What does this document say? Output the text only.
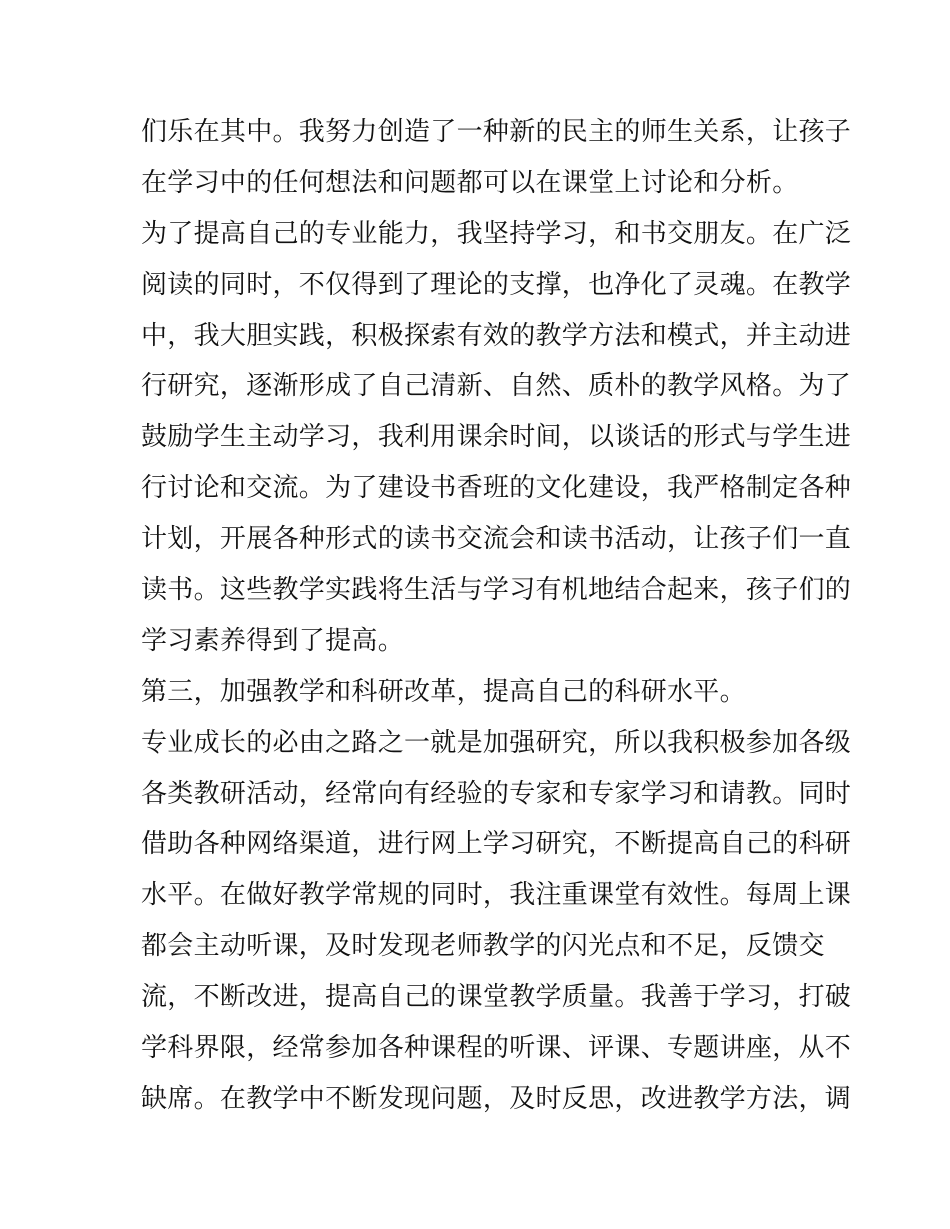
们乐在其中。我努力创造了一种新的民主的师生关系，让孩子
在学习中的任何想法和问题都可以在课堂上讨论和分析。
为了提高自己的专业能力，我坚持学习，和书交朋友。在广泛
阅读的同时，不仅得到了理论的支撑，也净化了灵魂。在教学
中，我大胆实践，积极探索有效的教学方法和模式，并主动进
行研究，逐渐形成了自己清新、自然、质朴的教学风格。为了
鼓励学生主动学习，我利用课余时间，以谈话的形式与学生进
行讨论和交流。为了建设书香班的文化建设，我严格制定各种
计划，开展各种形式的读书交流会和读书活动，让孩子们一直
读书。这些教学实践将生活与学习有机地结合起来，孩子们的
学习素养得到了提高。
第三，加强教学和科研改革，提高自己的科研水平。
专业成长的必由之路之一就是加强研究，所以我积极参加各级
各类教研活动，经常向有经验的专家和专家学习和请教。同时
借助各种网络渠道，进行网上学习研究，不断提高自己的科研
水平。在做好教学常规的同时，我注重课堂有效性。每周上课
都会主动听课，及时发现老师教学的闪光点和不足，反馈交
流，不断改进，提高自己的课堂教学质量。我善于学习，打破
学科界限，经常参加各种课程的听课、评课、专题讲座，从不
缺席。在教学中不断发现问题，及时反思，改进教学方法，调
